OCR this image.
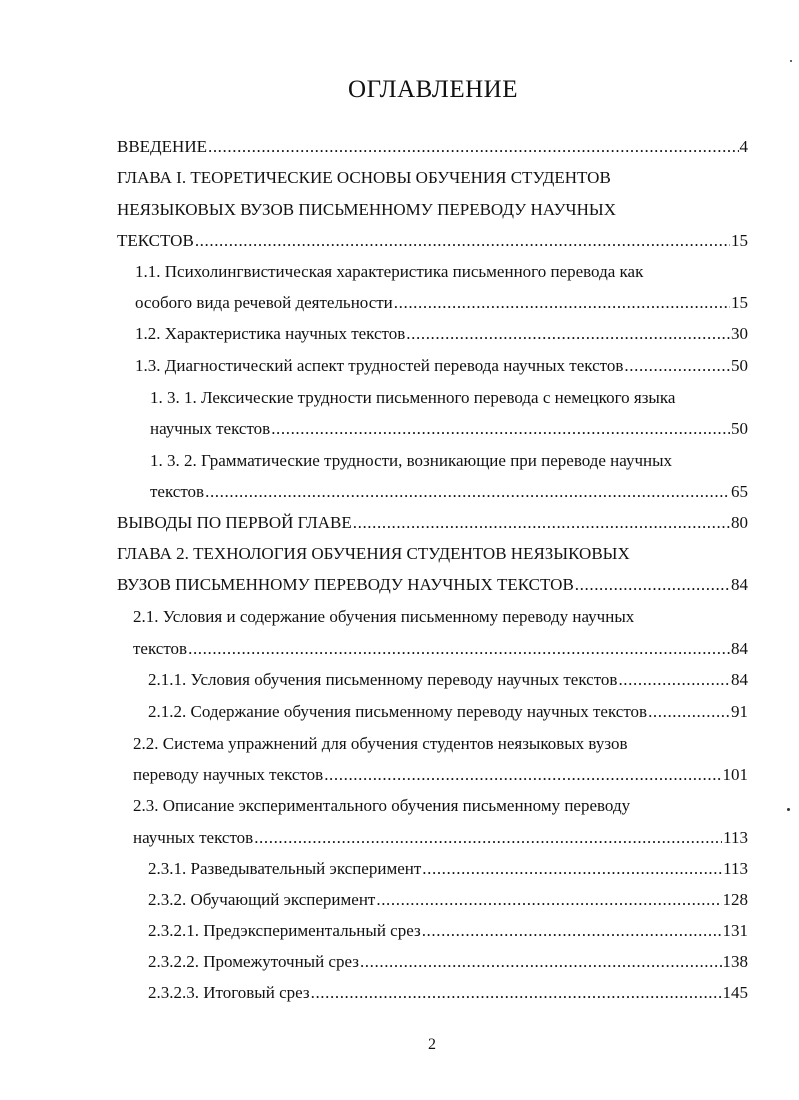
ОГЛАВЛЕНИЕ
ВВЕДЕНИЕ .....	4
ГЛАВА I. ТЕОРЕТИЧЕСКИЕ ОСНОВЫ ОБУЧЕНИЯ СТУДЕНТОВ
НЕЯЗЫКОВЫХ ВУЗОВ ПИСЬМЕННОМУ ПЕРЕВОДУ НАУЧНЫХ
ТЕКСТОВ .....	15
1.1. Психолингвистическая характеристика письменного перевода как
особого вида речевой деятельности .....	15
1.2. Характеристика научных текстов .....	30
1.3. Диагностический аспект трудностей перевода научных текстов .....	50
1. 3. 1. Лексические трудности письменного перевода с немецкого языка
научных текстов .....	50
1. 3. 2. Грамматические трудности, возникающие при переводе научных
текстов .....	65
ВЫВОДЫ ПО ПЕРВОЙ ГЛАВЕ .....	80
ГЛАВА 2. ТЕХНОЛОГИЯ ОБУЧЕНИЯ СТУДЕНТОВ НЕЯЗЫКОВЫХ
ВУЗОВ ПИСЬМЕННОМУ ПЕРЕВОДУ НАУЧНЫХ ТЕКСТОВ .....	84
2.1. Условия и содержание обучения письменному переводу научных
текстов .....	84
2.1.1. Условия обучения письменному переводу научных текстов .....	84
2.1.2. Содержание обучения письменному переводу научных текстов .....	91
2.2. Система упражнений для обучения студентов неязыковых вузов
переводу научных текстов .....	101
2.3. Описание экспериментального обучения письменному переводу
научных текстов .....	113
2.3.1. Разведывательный эксперимент .....	113
2.3.2. Обучающий эксперимент .....	128
2.3.2.1. Предэкспериментальный срез .....	131
2.3.2.2. Промежуточный срез .....	138
2.3.2.3. Итоговый срез .....	145
2
